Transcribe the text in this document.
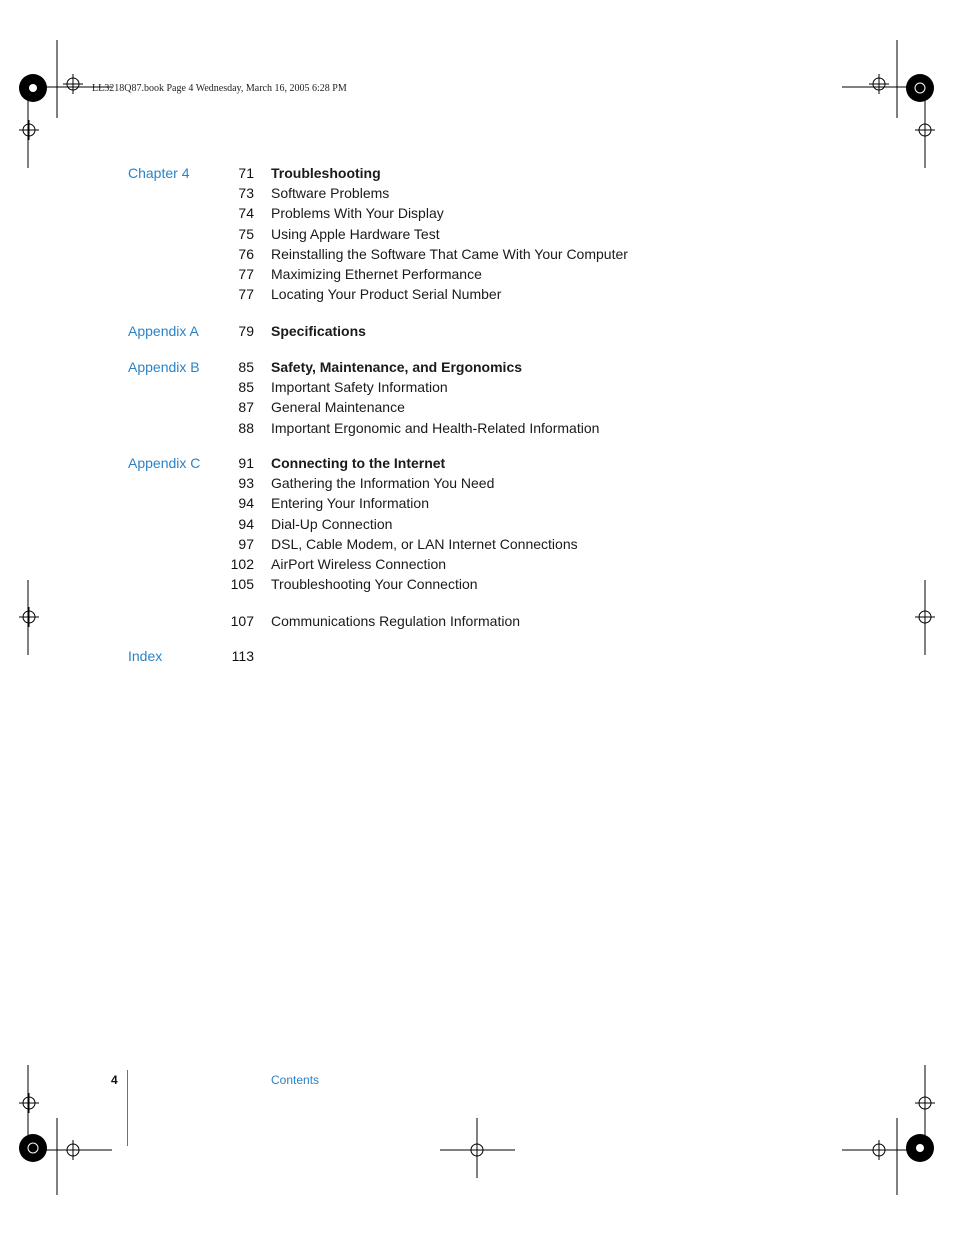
LL3218Q87.book Page 4 Wednesday, March 16, 2005 6:28 PM
Chapter 4	71 Troubleshooting
73 Software Problems
74 Problems With Your Display
75 Using Apple Hardware Test
76 Reinstalling the Software That Came With Your Computer
77 Maximizing Ethernet Performance
77 Locating Your Product Serial Number
Appendix A	79 Specifications
Appendix B	85 Safety, Maintenance, and Ergonomics
85 Important Safety Information
87 General Maintenance
88 Important Ergonomic and Health-Related Information
Appendix C	91 Connecting to the Internet
93 Gathering the Information You Need
94 Entering Your Information
94 Dial-Up Connection
97 DSL, Cable Modem, or LAN Internet Connections
102 AirPort Wireless Connection
105 Troubleshooting Your Connection
107 Communications Regulation Information
Index	113
4	Contents
